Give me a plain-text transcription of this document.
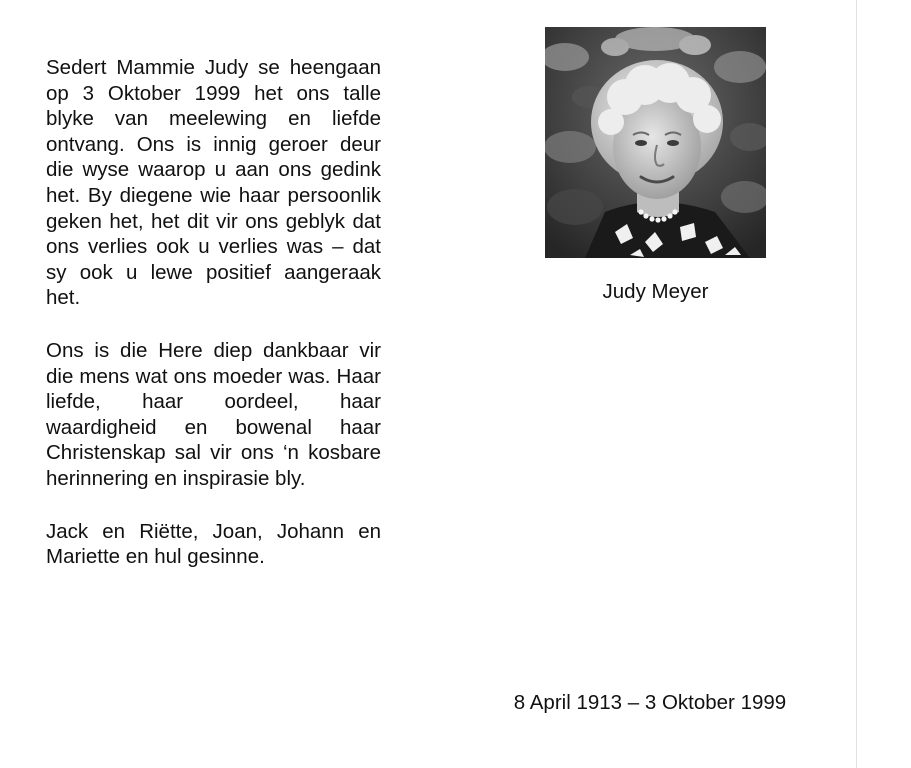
Sedert Mammie Judy se heengaan op 3 Oktober 1999 het ons talle blyke van meelewing en liefde ontvang. Ons is innig geroer deur die wyse waarop u aan ons gedink het. By diegene wie haar persoonlik geken het, het dit vir ons geblyk dat ons verlies ook u verlies was – dat sy ook u lewe positief aangeraak het.

Ons is die Here diep dankbaar vir die mens wat ons moeder was. Haar liefde, haar oordeel, haar waardigheid en bowenal haar Christenskap sal vir ons ‘n kosbare herinnering en inspirasie bly.

Jack en Riëtte, Joan, Johann en Mariette en hul gesinne.

Judy Meyer
8 April 1913 – 3 Oktober 1999
